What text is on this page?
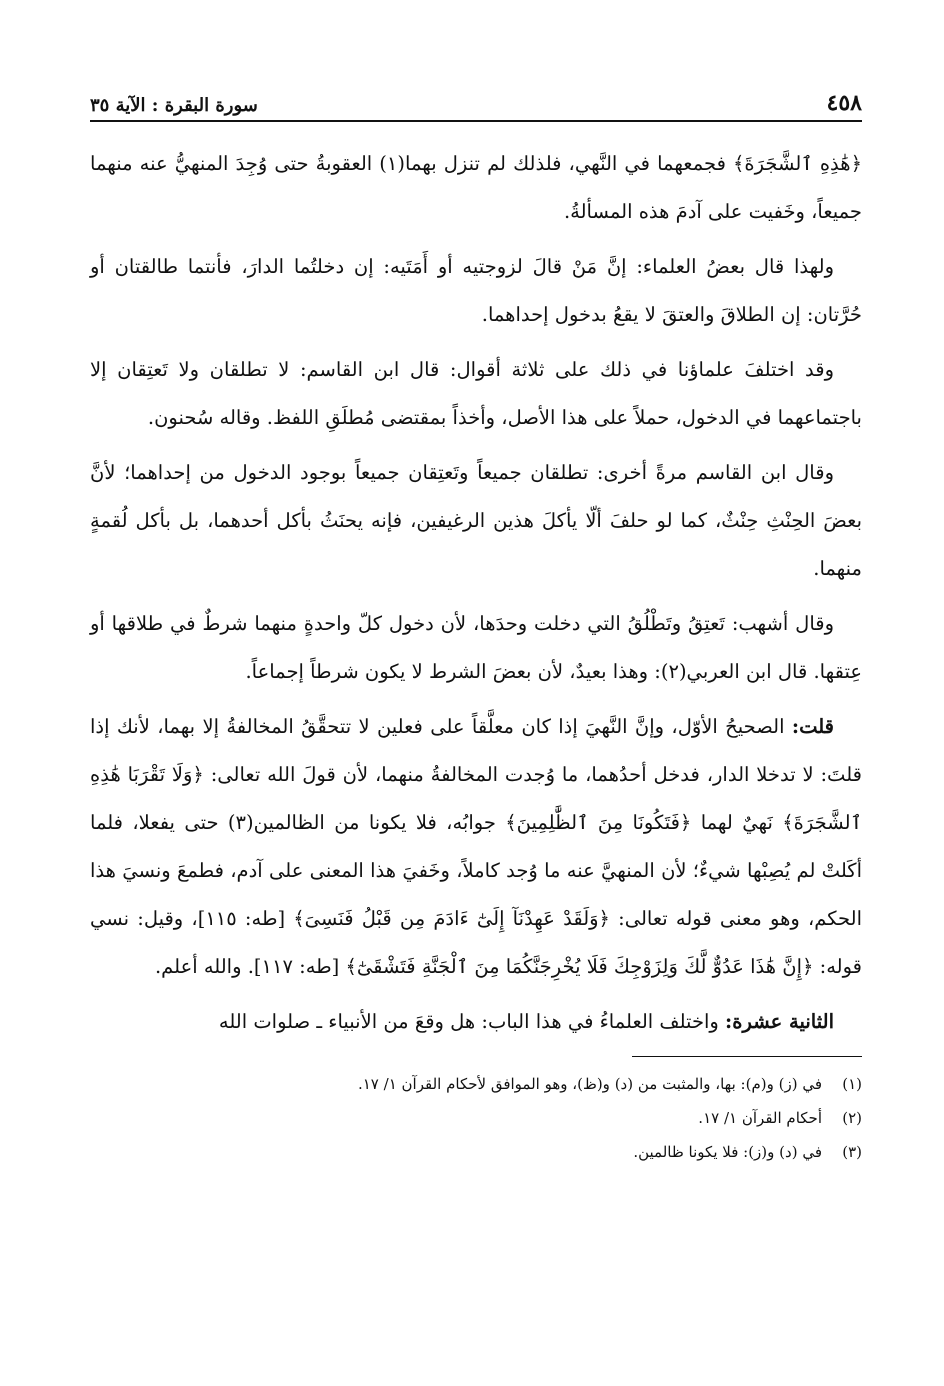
٤٥٨
سورة البقرة : الآية ٣٥

﴿هَٰذِهِ ٱلشَّجَرَةَ﴾ فجمعهما في النَّهي، فلذلك لم تنزل بهما(١) العقوبةُ حتى وُجِدَ المنهيُّ عنه منهما جميعاً، وخَفيت على آدمَ هذه المسألةُ.

ولهذا قال بعضُ العلماء: إنَّ مَنْ قالَ لزوجتيه أو أَمَتَيه: إن دخلتُما الدارَ، فأنتما طالقتان أو حُرَّتان: إن الطلاقَ والعتقَ لا يقعُ بدخول إحداهما.

وقد اختلفَ علماؤنا في ذلك على ثلاثة أقوال: قال ابن القاسم: لا تطلقان ولا تَعتِقان إلا باجتماعهما في الدخول، حملاً على هذا الأصل، وأخذاً بمقتضى مُطلَقِ اللفظ. وقاله سُحنون.

وقال ابن القاسم مرةً أخرى: تطلقان جميعاً وتَعتِقان جميعاً بوجود الدخول من إحداهما؛ لأنَّ بعضَ الحِنْثِ حِنْثٌ، كما لو حلفَ ألّا يأكلَ هذين الرغيفين، فإنه يحنَثُ بأكل أحدهما، بل بأكل لُقمةٍ منهما.

وقال أشهب: تَعتِقُ وتَطْلُقُ التي دخلت وحدَها، لأن دخول كلّ واحدةٍ منهما شرطٌ في طلاقها أو عِتقها. قال ابن العربي(٢): وهذا بعيدٌ، لأن بعضَ الشرط لا يكون شرطاً إجماعاً.

قلت: الصحيحُ الأوّل، وإنَّ النَّهيَ إذا كان معلَّقاً على فعلين لا تتحقَّقُ المخالفةُ إلا بهما، لأنك إذا قلتَ: لا تدخلا الدار، فدخل أحدُهما، ما وُجدت المخالفةُ منهما، لأن قولَ الله تعالى: ﴿وَلَا تَقْرَبَا هَٰذِهِ ٱلشَّجَرَةَ﴾ نَهيٌ لهما ﴿فَتَكُونَا مِنَ ٱلظَّٰلِمِينَ﴾ جوابُه، فلا يكونا من الظالمين(٣) حتى يفعلا، فلما أكَلتْ لم يُصِبْها شيءٌ؛ لأن المنهيَّ عنه ما وُجد كاملاً، وخَفيَ هذا المعنى على آدم، فطمعَ ونسيَ هذا الحكم، وهو معنى قوله تعالى: ﴿وَلَقَدْ عَهِدْنَآ إِلَىٰٓ ءَادَمَ مِن قَبْلُ فَنَسِىَ﴾ [طه: ١١٥]، وقيل: نسي قوله: ﴿إِنَّ هَٰذَا عَدُوٌّ لَّكَ وَلِزَوْجِكَ فَلَا يُخْرِجَنَّكُمَا مِنَ ٱلْجَنَّةِ فَتَشْقَىٰٓ﴾ [طه: ١١٧]. والله أعلم.

الثانية عشرة: واختلف العلماءُ في هذا الباب: هل وقعَ من الأنبياء ـ صلوات الله

(١)
في (ز) و(م): بها، والمثبت من (د) و(ظ)، وهو الموافق لأحكام القرآن ١/ ١٧.
(٢)
أحكام القرآن ١/ ١٧.
(٣)
في (د) و(ز): فلا يكونا ظالمين.
